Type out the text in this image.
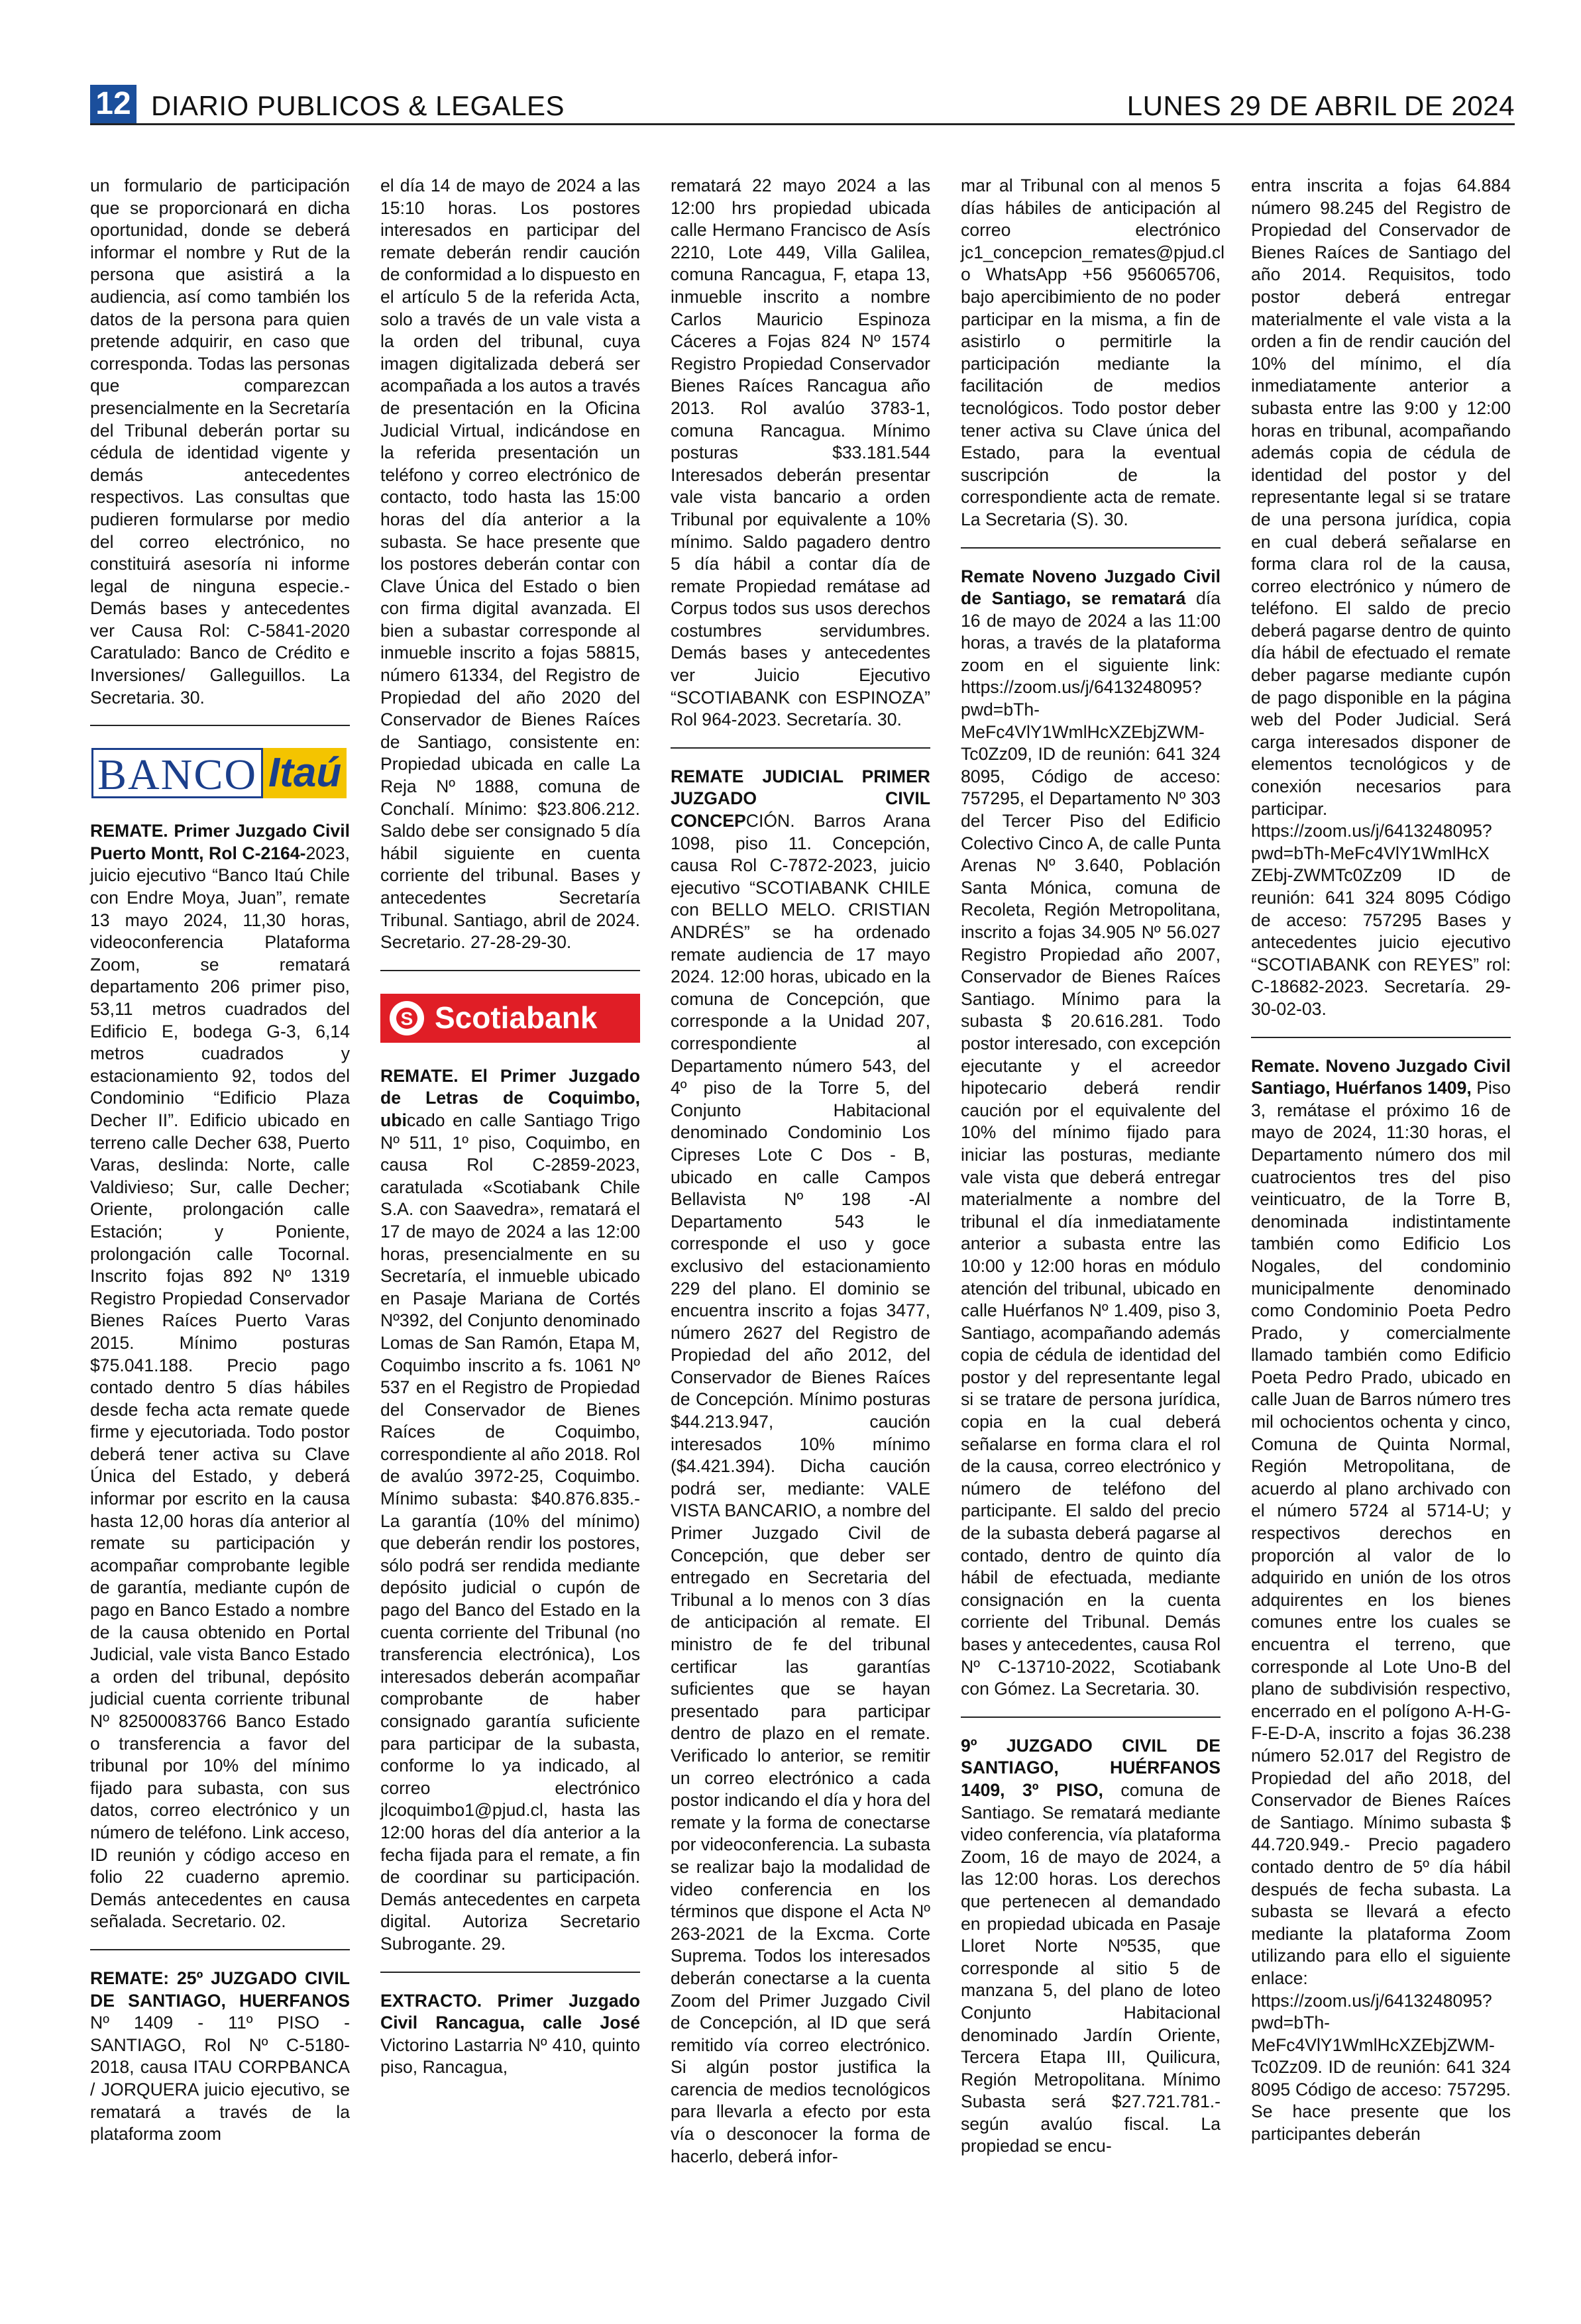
12 DIARIO PUBLICOS & LEGALES	LUNES 29 DE ABRIL DE 2024

un formulario de participación que se proporcionará en dicha oportunidad, donde se deberá informar el nombre y Rut de la persona que asistirá a la audiencia, así como también los datos de la persona para quien pretende adquirir, en caso que corresponda. Todas las personas que comparezcan presencialmente en la Secretaría del Tribunal deberán portar su cédula de identidad vigente y demás antecedentes respectivos. Las consultas que pudieren formularse por medio del correo electrónico, no constituirá asesoría ni informe legal de ninguna especie.- Demás bases y antecedentes ver Causa Rol: C-5841-2020 Caratulado: Banco de Crédito e Inversiones/ Galleguillos. La Secretaria. 30.

BANCO Itaú

REMATE. Primer Juzgado Civil Puerto Montt, Rol C-2164-2023, juicio ejecutivo “Banco Itaú Chile con Endre Moya, Juan”, remate 13 mayo 2024, 11,30 horas, videoconferencia Plataforma Zoom, se rematará departamento 206 primer piso, 53,11 metros cuadrados del Edificio E, bodega G-3, 6,14 metros cuadrados y estacionamiento 92, todos del Condominio “Edificio Plaza Decher II”. Edificio ubicado en terreno calle Decher 638, Puerto Varas, deslinda: Norte, calle Valdivieso; Sur, calle Decher; Oriente, prolongación calle Estación; y Poniente, prolongación calle Tocornal. Inscrito fojas 892 Nº 1319 Registro Propiedad Conservador Bienes Raíces Puerto Varas 2015. Mínimo posturas $75.041.188. Precio pago contado dentro 5 días hábiles desde fecha acta remate quede firme y ejecutoriada. Todo postor deberá tener activa su Clave Única del Estado, y deberá informar por escrito en la causa hasta 12,00 horas día anterior al remate su participación y acompañar comprobante legible de garantía, mediante cupón de pago en Banco Estado a nombre de la causa obtenido en Portal Judicial, vale vista Banco Estado a orden del tribunal, depósito judicial cuenta corriente tribunal Nº 82500083766 Banco Estado o transferencia a favor del tribunal por 10% del mínimo fijado para subasta, con sus datos, correo electrónico y un número de teléfono. Link acceso, ID reunión y código acceso en folio 22 cuaderno apremio. Demás antecedentes en causa señalada. Secretario. 02.

REMATE: 25º JUZGADO CIVIL DE SANTIAGO, HUERFANOS Nº 1409 - 11º PISO - SANTIAGO, Rol Nº C-5180-2018, causa ITAU CORPBANCA / JORQUERA juicio ejecutivo, se rematará a través de la plataforma zoom

el día 14 de mayo de 2024 a las 15:10 horas. Los postores interesados en participar del remate deberán rendir caución de conformidad a lo dispuesto en el artículo 5 de la referida Acta, solo a través de un vale vista a la orden del tribunal, cuya imagen digitalizada deberá ser acompañada a los autos a través de presentación en la Oficina Judicial Virtual, indicándose en la referida presentación un teléfono y correo electrónico de contacto, todo hasta las 15:00 horas del día anterior a la subasta. Se hace presente que los postores deberán contar con Clave Única del Estado o bien con firma digital avanzada. El bien a subastar corresponde al inmueble inscrito a fojas 58815, número 61334, del Registro de Propiedad del año 2020 del Conservador de Bienes Raíces de Santiago, consistente en: Propiedad ubicada en calle La Reja Nº 1888, comuna de Conchalí. Mínimo: $23.806.212. Saldo debe ser consignado 5 día hábil siguiente en cuenta corriente del tribunal. Bases y antecedentes Secretaría Tribunal. Santiago, abril de 2024. Secretario. 27-28-29-30.

S Scotiabank

REMATE. El Primer Juzgado de Letras de Coquimbo, ubicado en calle Santiago Trigo Nº 511, 1º piso, Coquimbo, en causa Rol C-2859-2023, caratulada «Scotiabank Chile S.A. con Saavedra», rematará el 17 de mayo de 2024 a las 12:00 horas, presencialmente en su Secretaría, el inmueble ubicado en Pasaje Mariana de Cortés Nº392, del Conjunto denominado Lomas de San Ramón, Etapa M, Coquimbo inscrito a fs. 1061 Nº 537 en el Registro de Propiedad del Conservador de Bienes Raíces de Coquimbo, correspondiente al año 2018. Rol de avalúo 3972-25, Coquimbo. Mínimo subasta: $40.876.835.- La garantía (10% del mínimo) que deberán rendir los postores, sólo podrá ser rendida mediante depósito judicial o cupón de pago del Banco del Estado en la cuenta corriente del Tribunal (no transferencia electrónica), Los interesados deberán acompañar comprobante de haber consignado garantía suficiente para participar de la subasta, conforme lo ya indicado, al correo electrónico jlcoquimbo1@pjud.cl, hasta las 12:00 horas del día anterior a la fecha fijada para el remate, a fin de coordinar su participación. Demás antecedentes en carpeta digital. Autoriza Secretario Subrogante. 29.

EXTRACTO. Primer Juzgado Civil Rancagua, calle José Victorino Lastarria Nº 410, quinto piso, Rancagua,

rematará 22 mayo 2024 a las 12:00 hrs propiedad ubicada calle Hermano Francisco de Asís 2210, Lote 449, Villa Galilea, comuna Rancagua, F, etapa 13, inmueble inscrito a nombre Carlos Mauricio Espinoza Cáceres a Fojas 824 Nº 1574 Registro Propiedad Conservador Bienes Raíces Rancagua año 2013. Rol avalúo 3783-1, comuna Rancagua. Mínimo posturas $33.181.544 Interesados deberán presentar vale vista bancario a orden Tribunal por equivalente a 10% mínimo. Saldo pagadero dentro 5 día hábil a contar día de remate Propiedad remátase ad Corpus todos sus usos derechos costumbres servidumbres. Demás bases y antecedentes ver Juicio Ejecutivo “SCOTIABANK con ESPINOZA” Rol 964-2023. Secretaría. 30.

REMATE JUDICIAL PRIMER JUZGADO CIVIL CONCEPCIÓN. Barros Arana 1098, piso 11. Concepción, causa Rol C-7872-2023, juicio ejecutivo “SCOTIABANK CHILE con BELLO MELO. CRISTIAN ANDRÉS” se ha ordenado remate audiencia de 17 mayo 2024. 12:00 horas, ubicado en la comuna de Concepción, que corresponde a la Unidad 207, correspondiente al Departamento número 543, del 4º piso de la Torre 5, del Conjunto Habitacional denominado Condominio Los Cipreses Lote C Dos - B, ubicado en calle Campos Bellavista Nº 198 -Al Departamento 543 le corresponde el uso y goce exclusivo del estacionamiento 229 del plano. El dominio se encuentra inscrito a fojas 3477, número 2627 del Registro de Propiedad del año 2012, del Conservador de Bienes Raíces de Concepción. Mínimo posturas $44.213.947, caución interesados 10% mínimo ($4.421.394). Dicha caución podrá ser, mediante: VALE VISTA BANCARIO, a nombre del Primer Juzgado Civil de Concepción, que deber ser entregado en Secretaria del Tribunal a lo menos con 3 días de anticipación al remate. El ministro de fe del tribunal certificar las garantías suficientes que se hayan presentado para participar dentro de plazo en el remate. Verificado lo anterior, se remitir un correo electrónico a cada postor indicando el día y hora del remate y la forma de conectarse por videoconferencia. La subasta se realizar bajo la modalidad de video conferencia en los términos que dispone el Acta Nº 263-2021 de la Excma. Corte Suprema. Todos los interesados deberán conectarse a la cuenta Zoom del Primer Juzgado Civil de Concepción, al ID que será remitido vía correo electrónico. Si algún postor justifica la carencia de medios tecnológicos para llevarla a efecto por esta vía o desconocer la forma de hacerlo, deberá infor-

mar al Tribunal con al menos 5 días hábiles de anticipación al correo electrónico jc1_concepcion_remates@pjud.cl o WhatsApp +56 956065706, bajo apercibimiento de no poder participar en la misma, a fin de asistirlo o permitirle la participación mediante la facilitación de medios tecnológicos. Todo postor deber tener activa su Clave única del Estado, para la eventual suscripción de la correspondiente acta de remate. La Secretaria (S). 30.

Remate Noveno Juzgado Civil de Santiago, se rematará día 16 de mayo de 2024 a las 11:00 horas, a través de la plataforma zoom en el siguiente link: https://zoom.us/j/6413248095?pwd=bTh-MeFc4VlY1WmlHcXZEbjZWM-Tc0Zz09, ID de reunión: 641 324 8095, Código de acceso: 757295, el Departamento Nº 303 del Tercer Piso del Edificio Colectivo Cinco A, de calle Punta Arenas Nº 3.640, Población Santa Mónica, comuna de Recoleta, Región Metropolitana, inscrito a fojas 34.905 Nº 56.027 Registro Propiedad año 2007, Conservador de Bienes Raíces Santiago. Mínimo para la subasta $ 20.616.281. Todo postor interesado, con excepción ejecutante y el acreedor hipotecario deberá rendir caución por el equivalente del 10% del mínimo fijado para iniciar las posturas, mediante vale vista que deberá entregar materialmente a nombre del tribunal el día inmediatamente anterior a subasta entre las 10:00 y 12:00 horas en módulo atención del tribunal, ubicado en calle Huérfanos Nº 1.409, piso 3, Santiago, acompañando además copia de cédula de identidad del postor y del representante legal si se tratare de persona jurídica, copia en la cual deberá señalarse en forma clara el rol de la causa, correo electrónico y número de teléfono del participante. El saldo del precio de la subasta deberá pagarse al contado, dentro de quinto día hábil de efectuada, mediante consignación en la cuenta corriente del Tribunal. Demás bases y antecedentes, causa Rol Nº C-13710-2022, Scotiabank con Gómez. La Secretaria. 30.

9º JUZGADO CIVIL DE SANTIAGO, HUÉRFANOS 1409, 3º PISO, comuna de Santiago. Se rematará mediante video conferencia, vía plataforma Zoom, 16 de mayo de 2024, a las 12:00 horas. Los derechos que pertenecen al demandado en propiedad ubicada en Pasaje Lloret Norte Nº535, que corresponde al sitio 5 de manzana 5, del plano de loteo Conjunto Habitacional denominado Jardín Oriente, Tercera Etapa III, Quilicura, Región Metropolitana. Mínimo Subasta será $27.721.781.- según avalúo fiscal. La propiedad se encu-

entra inscrita a fojas 64.884 número 98.245 del Registro de Propiedad del Conservador de Bienes Raíces de Santiago del año 2014. Requisitos, todo postor deberá entregar materialmente el vale vista a la orden a fin de rendir caución del 10% del mínimo, el día inmediatamente anterior a subasta entre las 9:00 y 12:00 horas en tribunal, acompañando además copia de cédula de identidad del postor y del representante legal si se tratare de una persona jurídica, copia en cual deberá señalarse en forma clara rol de la causa, correo electrónico y número de teléfono. El saldo de precio deberá pagarse dentro de quinto día hábil de efectuado el remate deber pagarse mediante cupón de pago disponible en la página web del Poder Judicial. Será carga interesados disponer de elementos tecnológicos y de conexión necesarios para participar. https://zoom.us/j/6413248095?pwd=bTh-MeFc4VlY1WmlHcX ZEbj-ZWMTc0Zz09 ID de reunión: 641 324 8095 Código de acceso: 757295 Bases y antecedentes juicio ejecutivo “SCOTIABANK con REYES” rol: C-18682-2023. Secretaría. 29-30-02-03.

Remate. Noveno Juzgado Civil Santiago, Huérfanos 1409, Piso 3, remátase el próximo 16 de mayo de 2024, 11:30 horas, el Departamento número dos mil cuatrocientos tres del piso veinticuatro, de la Torre B, denominada indistintamente también como Edificio Los Nogales, del condominio municipalmente denominado como Condominio Poeta Pedro Prado, y comercialmente llamado también como Edificio Poeta Pedro Prado, ubicado en calle Juan de Barros número tres mil ochocientos ochenta y cinco, Comuna de Quinta Normal, Región Metropolitana, de acuerdo al plano archivado con el número 5724 al 5714-U; y respectivos derechos en proporción al valor de lo adquirido en unión de los otros adquirentes en los bienes comunes entre los cuales se encuentra el terreno, que corresponde al Lote Uno-B del plano de subdivisión respectivo, encerrado en el polígono A-H-G-F-E-D-A, inscrito a fojas 36.238 número 52.017 del Registro de Propiedad del año 2018, del Conservador de Bienes Raíces de Santiago. Mínimo subasta $ 44.720.949.- Precio pagadero contado dentro de 5º día hábil después de fecha subasta. La subasta se llevará a efecto mediante la plataforma Zoom utilizando para ello el siguiente enlace: https://zoom.us/j/6413248095?pwd=bTh-MeFc4VlY1WmlHcXZEbjZWM-Tc0Zz09. ID de reunión: 641 324 8095 Código de acceso: 757295. Se hace presente que los participantes deberán
